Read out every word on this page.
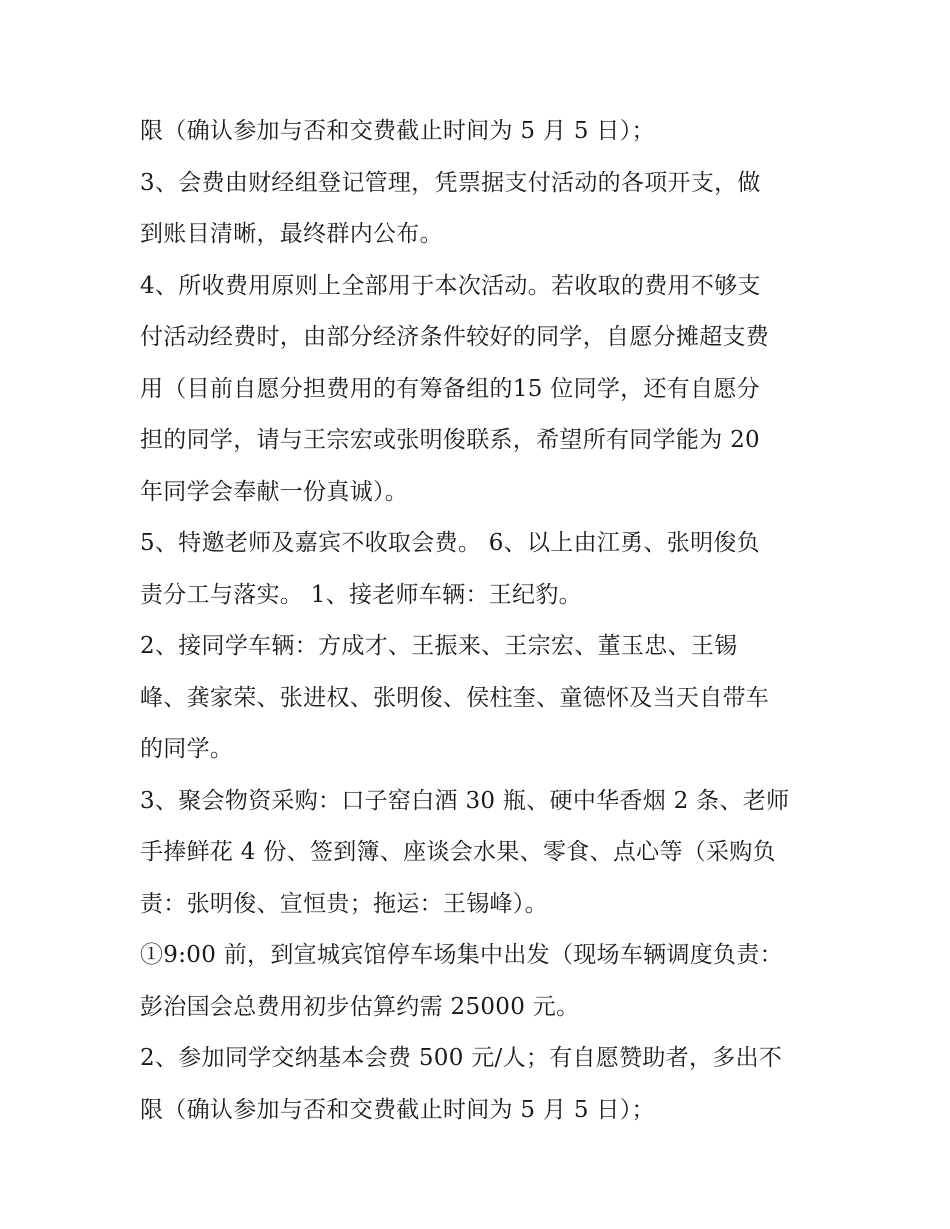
限（确认参加与否和交费截止时间为 5 月 5 日）；
3、会费由财经组登记管理，凭票据支付活动的各项开支，做
到账目清晰，最终群内公布。
4、所收费用原则上全部用于本次活动。若收取的费用不够支
付活动经费时，由部分经济条件较好的同学，自愿分摊超支费
用（目前自愿分担费用的有筹备组的15 位同学，还有自愿分
担的同学，请与王宗宏或张明俊联系，希望所有同学能为 20
年同学会奉献一份真诚）。
5、特邀老师及嘉宾不收取会费。 6、以上由江勇、张明俊负
责分工与落实。 1、接老师车辆：王纪豹。
2、接同学车辆：方成才、王振来、王宗宏、董玉忠、王锡
峰、龚家荣、张进权、张明俊、侯柱奎、童德怀及当天自带车
的同学。
3、聚会物资采购：口子窑白酒 30 瓶、硬中华香烟 2 条、老师
手捧鲜花 4 份、签到簿、座谈会水果、零食、点心等（采购负
责：张明俊、宣恒贵；拖运：王锡峰）。
①9:00 前，到宣城宾馆停车场集中出发（现场车辆调度负责：
彭治国会总费用初步估算约需 25000 元。
2、参加同学交纳基本会费 500 元/人；有自愿赞助者，多出不
限（确认参加与否和交费截止时间为 5 月 5 日）；
